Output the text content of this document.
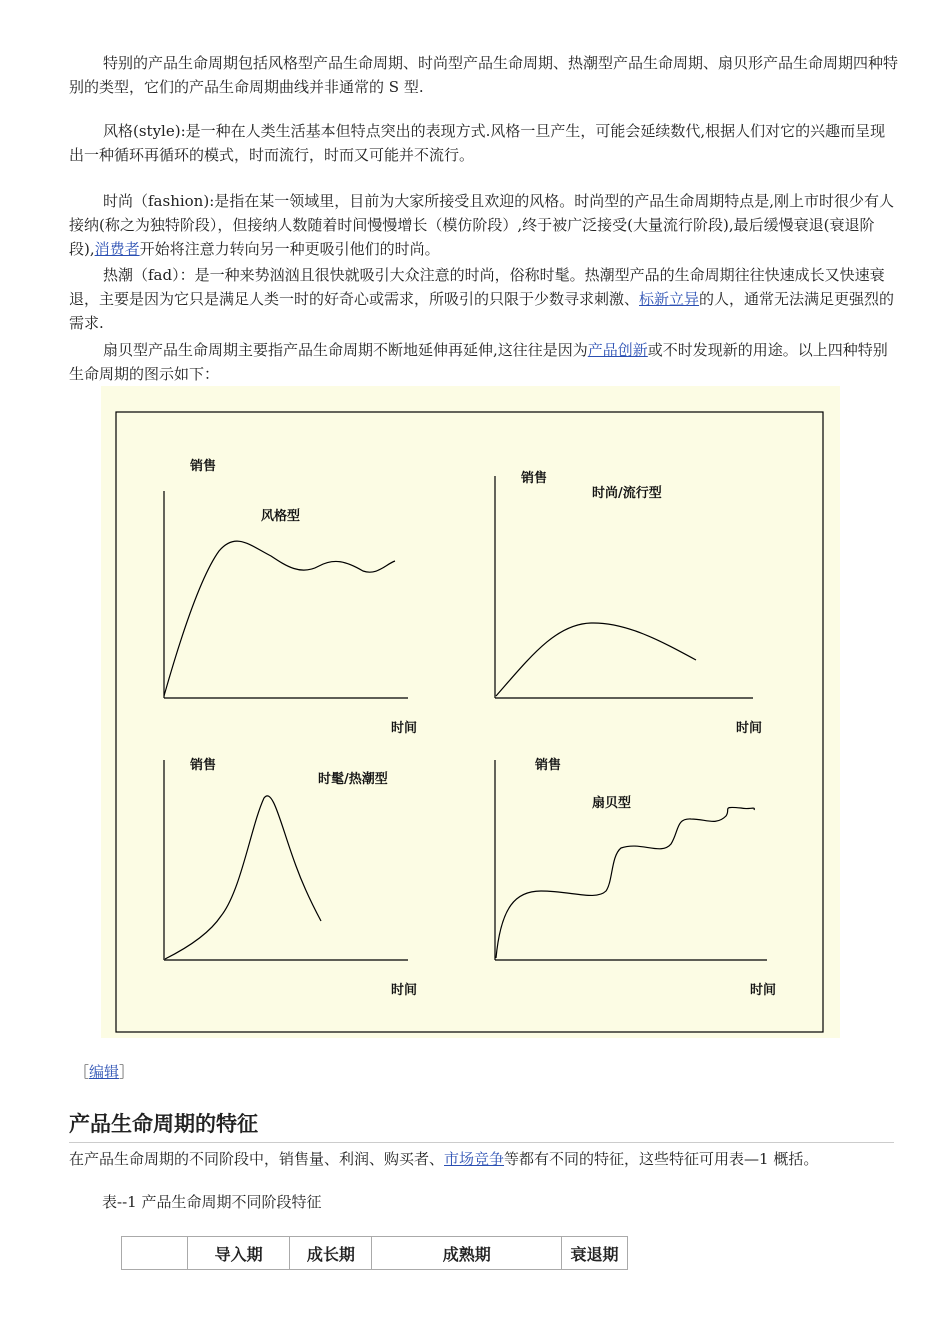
特别的产品生命周期包括风格型产品生命周期、时尚型产品生命周期、热潮型产品生命周期、扇贝形产品生命周期四种特别的类型，它们的产品生命周期曲线并非通常的 S 型.

风格(style):是一种在人类生活基本但特点突出的表现方式.风格一旦产生，可能会延续数代,根据人们对它的兴趣而呈现出一种循环再循环的模式，时而流行，时而又可能并不流行。

时尚（fashion):是指在某一领域里，目前为大家所接受且欢迎的风格。时尚型的产品生命周期特点是,刚上市时很少有人接纳(称之为独特阶段），但接纳人数随着时间慢慢增长（模仿阶段）,终于被广泛接受(大量流行阶段),最后缓慢衰退(衰退阶段),消费者开始将注意力转向另一种更吸引他们的时尚。

热潮（fad）：是一种来势汹汹且很快就吸引大众注意的时尚，俗称时髦。热潮型产品的生命周期往往快速成长又快速衰退，主要是因为它只是满足人类一时的好奇心或需求，所吸引的只限于少数寻求刺激、标新立异的人，通常无法满足更强烈的需求.

扇贝型产品生命周期主要指产品生命周期不断地延伸再延伸,这往往是因为产品创新或不时发现新的用途。以上四种特别生命周期的图示如下：

销售
风格型
时间
销售
时尚/流行型
时间
销售
时髦/热潮型
时间
销售
扇贝型
时间
［编辑］
产品生命周期的特征

在产品生命周期的不同阶段中，销售量、利润、购买者、市场竞争等都有不同的特征，这些特征可用表—1 概括。

表--1 产品生命周期不同阶段特征
	导入期	成长期	成熟期	衰退期
